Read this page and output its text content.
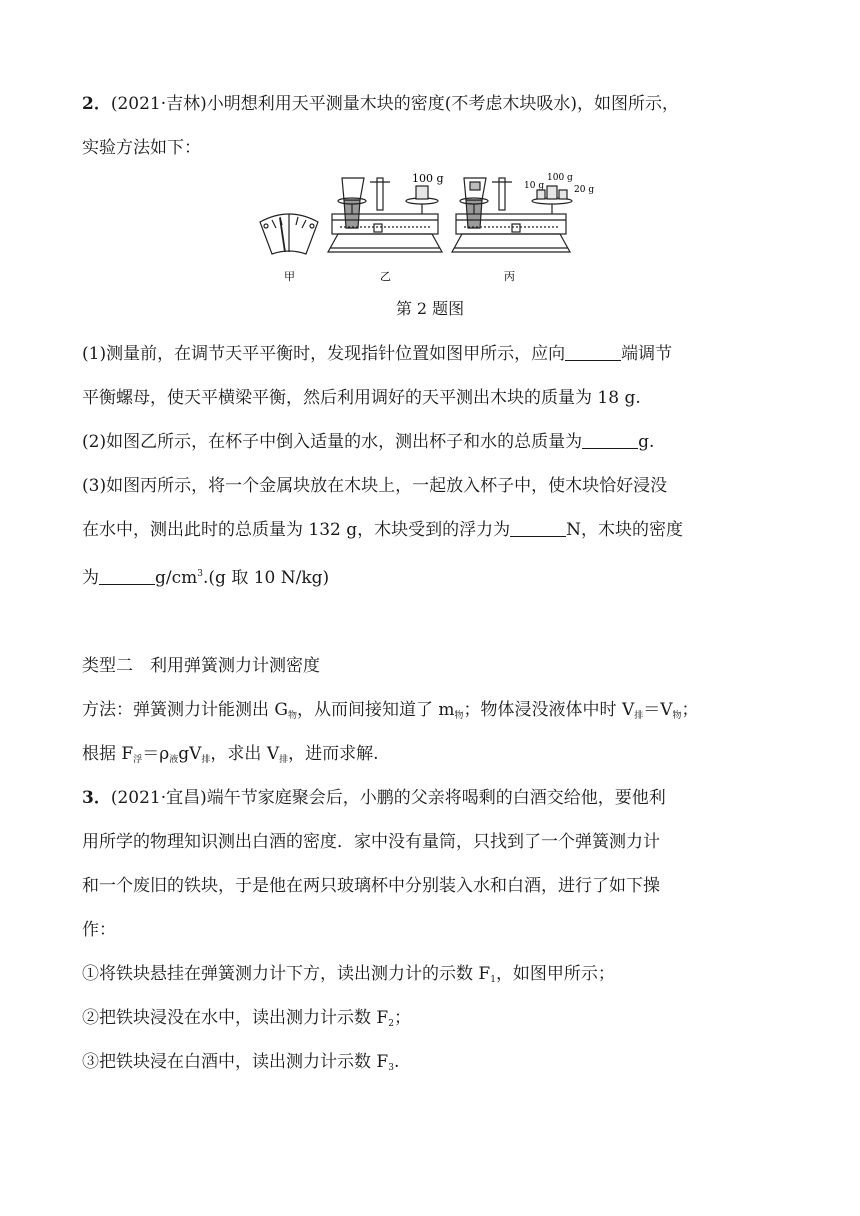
2．(2021·吉林)小明想利用天平测量木块的密度(不考虑木块吸水)，如图所示，
实验方法如下：
100 g
10 g
100 g
20 g
甲	乙	丙
第 2 题图
(1)测量前，在调节天平平衡时，发现指针位置如图甲所示，应向	端调节
平衡螺母，使天平横梁平衡，然后利用调好的天平测出木块的质量为 18 g.
(2)如图乙所示，在杯子中倒入适量的水，测出杯子和水的总质量为	g.
(3)如图丙所示，将一个金属块放在木块上，一起放入杯子中，使木块恰好浸没
在水中，测出此时的总质量为 132 g，木块受到的浮力为	N，木块的密度
为	$g/cm^3.(g$ 取 10 N/kg)
类型二　利用弹簧测力计测密度
方法：弹簧测力计能测出 $G_物$，从而间接知道了 $m_物$；物体浸没液体中时 $V_排=V_物$；
根据 $F_浮=\rho_液gV_排$，求出 $V_排$，进而求解.
3．(2021·宜昌)端午节家庭聚会后，小鹏的父亲将喝剩的白酒交给他，要他利
用所学的物理知识测出白酒的密度．家中没有量筒，只找到了一个弹簧测力计
和一个废旧的铁块，于是他在两只玻璃杯中分别装入水和白酒，进行了如下操
作：
①将铁块悬挂在弹簧测力计下方，读出测力计的示数 $F_1$，如图甲所示；
②把铁块浸没在水中，读出测力计示数 $F_2$；
③把铁块浸在白酒中，读出测力计示数 $F_3$.
